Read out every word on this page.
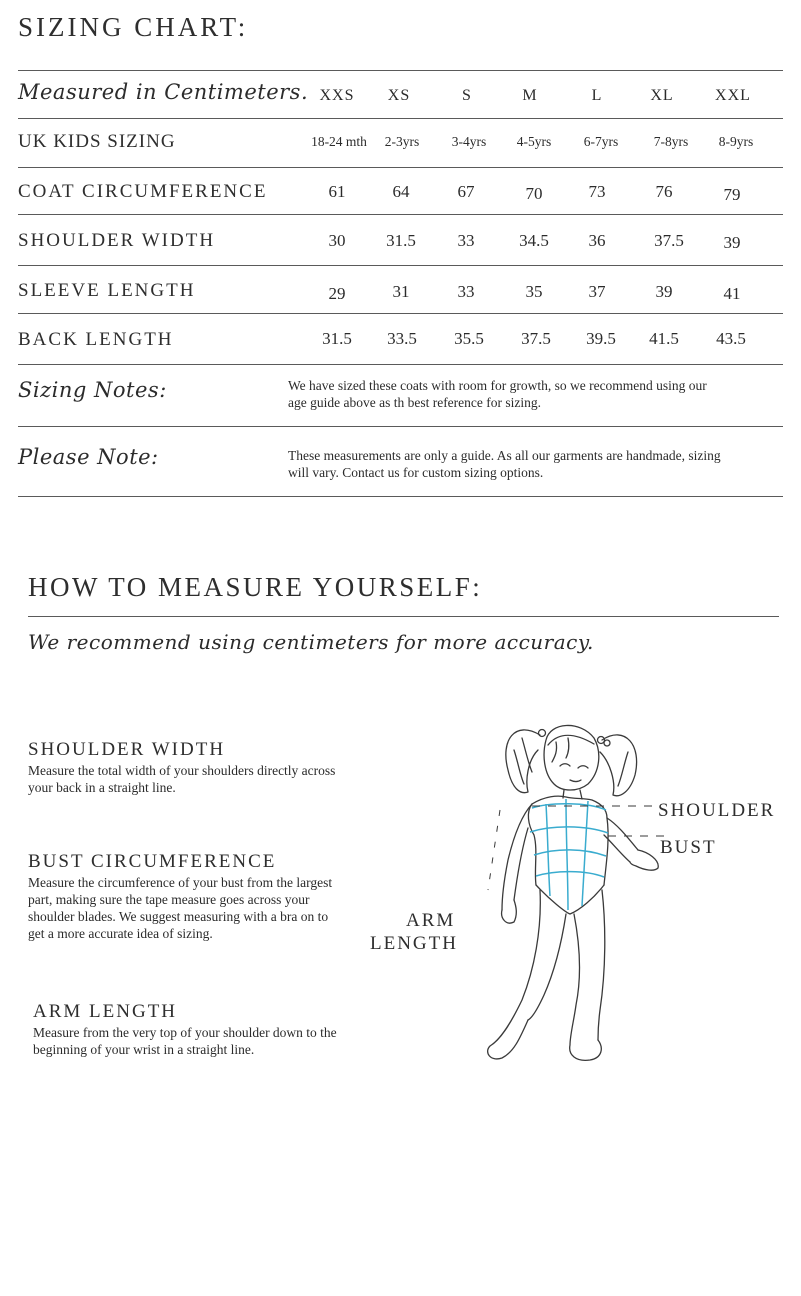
SIZING CHART:
Measured in Centimeters. XXS	XS	S	M	L	XL	XXL
UK KIDS SIZING	18-24 mth	2-3yrs	3-4yrs	4-5yrs	6-7yrs	7-8yrs	8-9yrs
COAT CIRCUMFERENCE	61	64	67	70	73	76	79
SHOULDER WIDTH	30	31.5	33	34.5	36	37.5	39
SLEEVE LENGTH	29	31	33	35	37	39	41
BACK LENGTH	31.5	33.5	35.5	37.5	39.5	41.5	43.5
Sizing Notes:	We have sized these coats with room for growth, so we recommend using our age guide above as th best reference for sizing.
Please Note:	These measurements are only a guide. As all our garments are handmade, sizing will vary. Contact us for custom sizing options.
HOW TO MEASURE YOURSELF:
We recommend using centimeters for more accuracy.
SHOULDER WIDTH

Measure the total width of your shoulders directly across your back in a straight line.

BUST CIRCUMFERENCE

Measure the circumference of your bust from the largest part, making sure the tape measure goes across your shoulder blades. We suggest measuring with a bra on to get a more accurate idea of sizing.

ARM LENGTH

Measure from the very top of your shoulder down to the beginning of your wrist in a straight line.

ARM
LENGTH
SHOULDER
BUST
